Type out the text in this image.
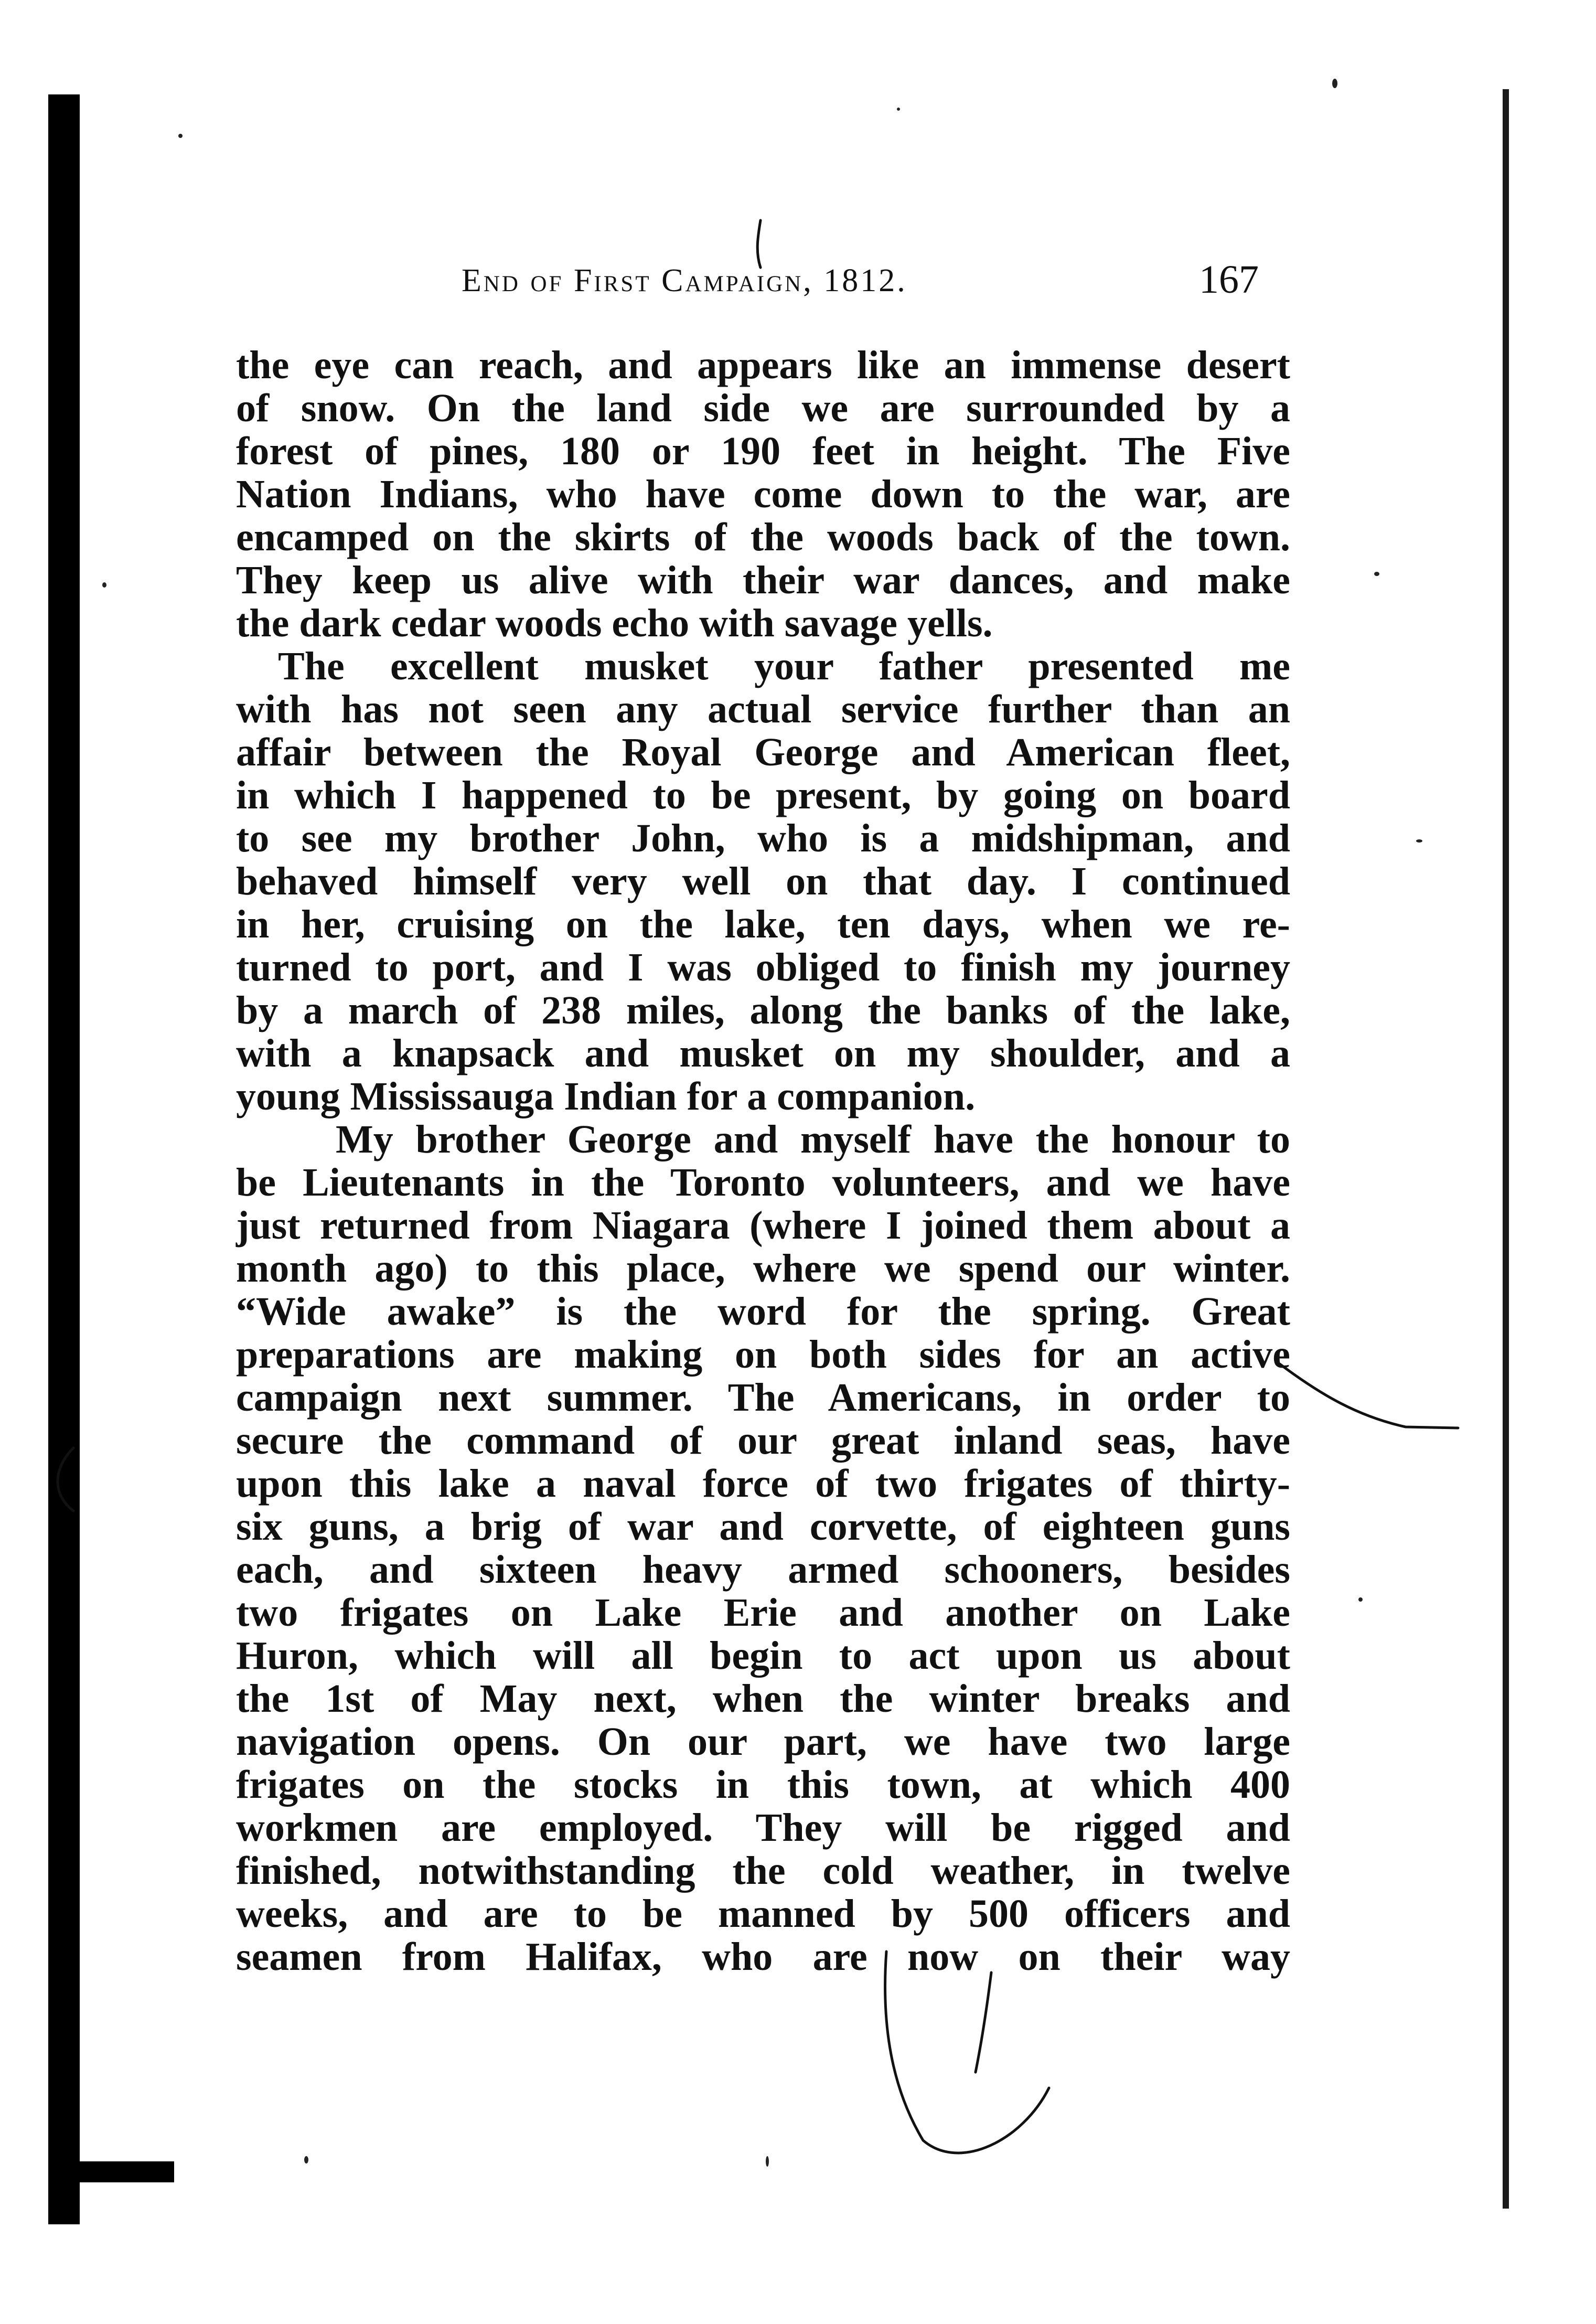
End of First Campaign, 1812.	167
the eye can reach, and appears like an immense desert
of snow. On the land side we are surrounded by a
forest of pines, 180 or 190 feet in height. The Five
Nation Indians, who have come down to the war, are
encamped on the skirts of the woods back of the town.
They keep us alive with their war dances, and make
the dark cedar woods echo with savage yells.
The excellent musket your father presented me
with has not seen any actual service further than an
affair between the Royal George and American fleet,
in which I happened to be present, by going on board
to see my brother John, who is a midshipman, and
behaved himself very well on that day. I continued
in her, cruising on the lake, ten days, when we re-
turned to port, and I was obliged to finish my journey
by a march of 238 miles, along the banks of the lake,
with a knapsack and musket on my shoulder, and a
young Mississauga Indian for a companion.
My brother George and myself have the honour to
be Lieutenants in the Toronto volunteers, and we have
just returned from Niagara (where I joined them about a
month ago) to this place, where we spend our winter.
“Wide awake” is the word for the spring. Great
preparations are making on both sides for an active
campaign next summer. The Americans, in order to
secure the command of our great inland seas, have
upon this lake a naval force of two frigates of thirty-
six guns, a brig of war and corvette, of eighteen guns
each, and sixteen heavy armed schooners, besides
two frigates on Lake Erie and another on Lake
Huron, which will all begin to act upon us about
the 1st of May next, when the winter breaks and
navigation opens. On our part, we have two large
frigates on the stocks in this town, at which 400
workmen are employed. They will be rigged and
finished, notwithstanding the cold weather, in twelve
weeks, and are to be manned by 500 officers and
seamen from Halifax, who are now on their way
